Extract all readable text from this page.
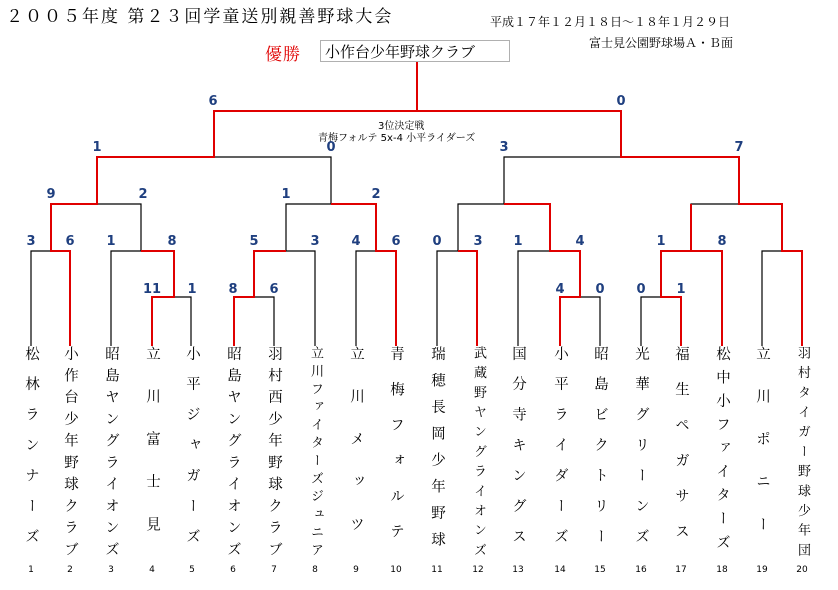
２００５年度 第２３回学童送別親善野球大会	平成１７年１２月１８日～１８年１月２９日
富士見公園野球場Ａ・Ｂ面
優勝	小作台少年野球クラブ
3位決定戦
青梅フォルテ 5x-4 小平ライダーズ
3 6 1	8
11 1
5	3
8 6
4 6 0 3 1	4
4 0
1	8
0 1
9	2	1	2
3	7
1	0
6	0
松林ランナーズ 小作台少年野球クラブ 昭島ヤングライオンズ 立川富士見 小平ジャガーズ 昭島ヤングライオンズ 羽村西少年野球クラブ 立川ファイターズジュニア 立川メッツ 青梅フォルテ 瑞穂長岡少年野球 武蔵野ヤングライオンズ 国分寺キングス 小平ライダーズ 昭島ビクトリー 光華グリーンズ 福生ペガサス 松中小ファイターズ 立川ポニー 羽村タイガー野球少年団
1	2	3	4	5	6	7	8	9	10	11	12	13	14	15	16	17	18	19	20
